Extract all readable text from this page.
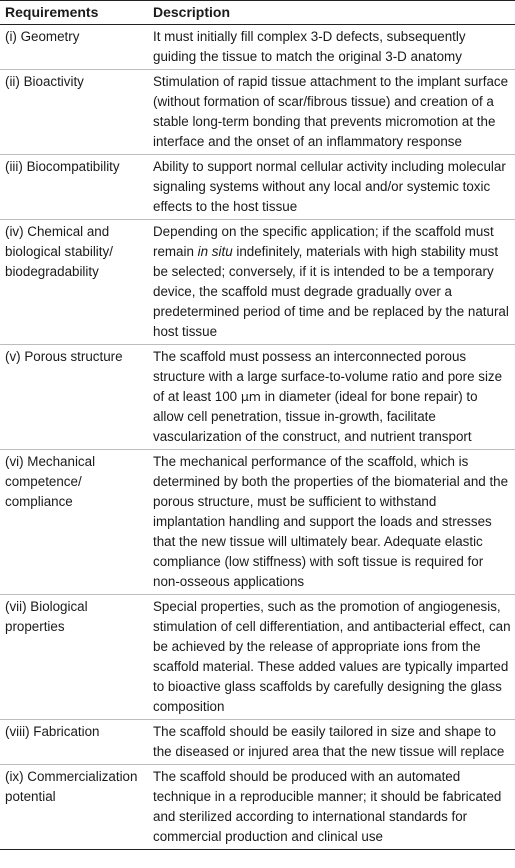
Requirements	Description
(i) Geometry	It must initially fill complex 3-D defects, subsequently guiding the tissue to match the original 3-D anatomy
(ii) Bioactivity	Stimulation of rapid tissue attachment to the implant surface (without formation of scar/fibrous tissue) and creation of a stable long-term bonding that prevents micromotion at the interface and the onset of an inflammatory response
(iii) Biocompatibility	Ability to support normal cellular activity including molecular signaling systems without any local and/or systemic toxic effects to the host tissue
(iv) Chemical and biological stability/ biodegradability	Depending on the specific application; if the scaffold must remain in situ indefinitely, materials with high stability must be selected; conversely, if it is intended to be a temporary device, the scaffold must degrade gradually over a predetermined period of time and be replaced by the natural host tissue
(v) Porous structure	The scaffold must possess an interconnected porous structure with a large surface-to-volume ratio and pore size of at least 100 μm in diameter (ideal for bone repair) to allow cell penetration, tissue in-growth, facilitate vascularization of the construct, and nutrient transport
(vi) Mechanical competence/ compliance	The mechanical performance of the scaffold, which is determined by both the properties of the biomaterial and the porous structure, must be sufficient to withstand implantation handling and support the loads and stresses that the new tissue will ultimately bear. Adequate elastic compliance (low stiffness) with soft tissue is required for non-osseous applications
(vii) Biological properties	Special properties, such as the promotion of angiogenesis, stimulation of cell differentiation, and antibacterial effect, can be achieved by the release of appropriate ions from the scaffold material. These added values are typically imparted to bioactive glass scaffolds by carefully designing the glass composition
(viii) Fabrication	The scaffold should be easily tailored in size and shape to the diseased or injured area that the new tissue will replace
(ix) Commercialization potential	The scaffold should be produced with an automated technique in a reproducible manner; it should be fabricated and sterilized according to international standards for commercial production and clinical use
